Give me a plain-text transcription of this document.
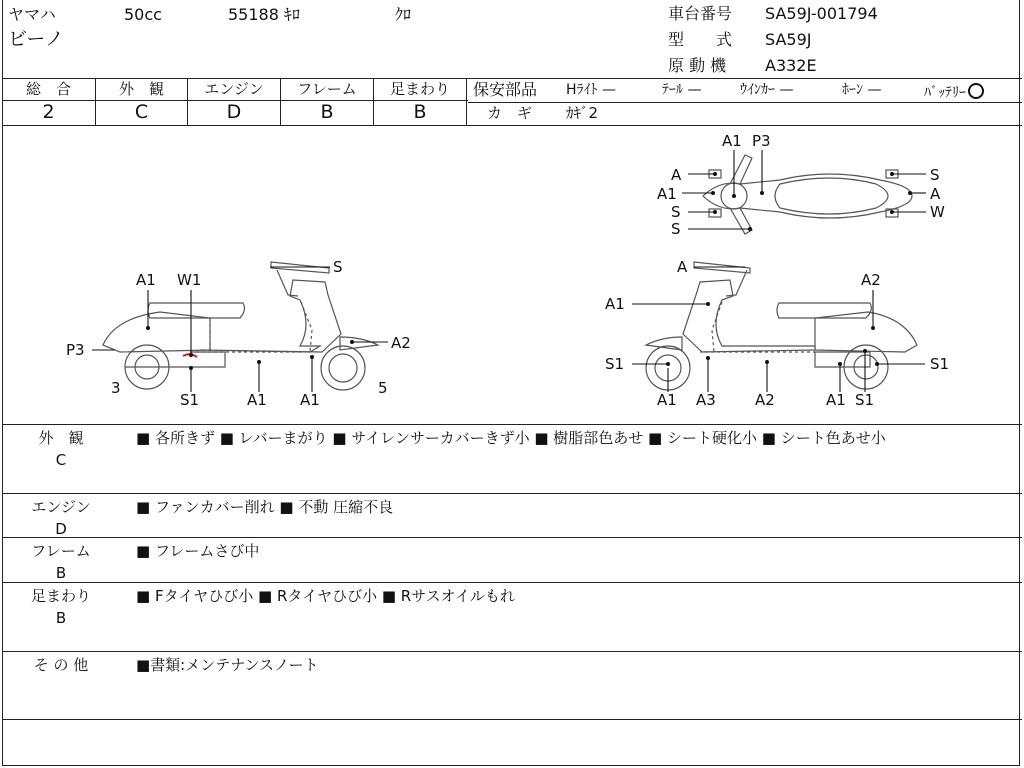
ヤマハ	50cc	55188 ｷﾛ	ｸﾛ
ビーノ
車台番号 SA59J-001794
型　　式 SA59J
原 動 機 A332E
総　合	外　観	エンジン	フレーム	足まわり
2	C	D	B	B
保安部品 Hﾗｲﾄ —	ﾃｰﾙ —	ｳｲﾝｶｰ —	ﾎｰﾝ —	ﾊﾞｯﾃﾘｰ
カ　ギ ｶｷﾞ2
S
A1 W1
P3	A2
3	5
S1	A1 A1
A
A2
A1
S1	S1
A1 A3	A2	A1 S1
A1 P3
A	S
A1	A
S	W
S
外　観
C
■ 各所きず ■ レバーまがり ■ サイレンサーカバーきず小 ■ 樹脂部色あせ ■ シート硬化小 ■ シート色あせ小
エンジン
D
■ ファンカバー削れ ■ 不動 圧縮不良
フレーム
B
■ フレームさび中
足まわり
B
■ Fタイヤひび小 ■ Rタイヤひび小 ■ Rサスオイルもれ
そ の 他	■書類:メンテナンスノート
